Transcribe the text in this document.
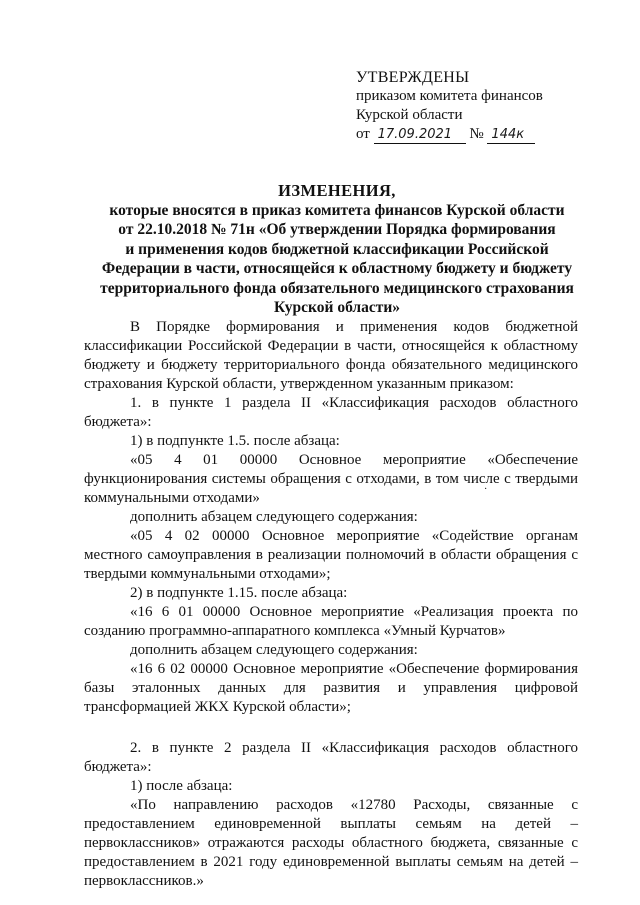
УТВЕРЖДЕНЫ
приказом комитета финансов
Курской области
от 17.09.2021 № 144к
ИЗМЕНЕНИЯ,
которые вносятся в приказ комитета финансов Курской области
от 22.10.2018 № 71н «Об утверждении Порядка формирования
и применения кодов бюджетной классификации Российской
Федерации в части, относящейся к областному бюджету и бюджету
территориального фонда обязательного медицинского страхования
Курской области»

В Порядке формирования и применения кодов бюджетной классификации Российской Федерации в части, относящейся к областному бюджету и бюджету территориального фонда обязательного медицинского страхования Курской области, утвержденном указанным приказом:

1. в пункте 1 раздела II «Классификация расходов областного бюджета»:

1) в подпункте 1.5. после абзаца:

«05 4 01 00000 Основное мероприятие «Обеспечение функционирования системы обращения с отходами, в том числе с твердыми коммунальными отходами»

дополнить абзацем следующего содержания:

«05 4 02 00000 Основное мероприятие «Содействие органам местного самоуправления в реализации полномочий в области обращения с твердыми коммунальными отходами»;

2) в подпункте 1.15. после абзаца:

«16 6 01 00000 Основное мероприятие «Реализация проекта по созданию программно-аппаратного комплекса «Умный Курчатов»

дополнить абзацем следующего содержания:

«16 6 02 00000 Основное мероприятие «Обеспечение формирования базы эталонных данных для развития и управления цифровой трансформацией ЖКХ Курской области»;

2. в пункте 2 раздела II «Классификация расходов областного бюджета»:

1) после абзаца:

«По направлению расходов «12780 Расходы, связанные с предоставлением единовременной выплаты семьям на детей – первоклассников» отражаются расходы областного бюджета, связанные с предоставлением в 2021 году единовременной выплаты семьям на детей – первоклассников.»

·
